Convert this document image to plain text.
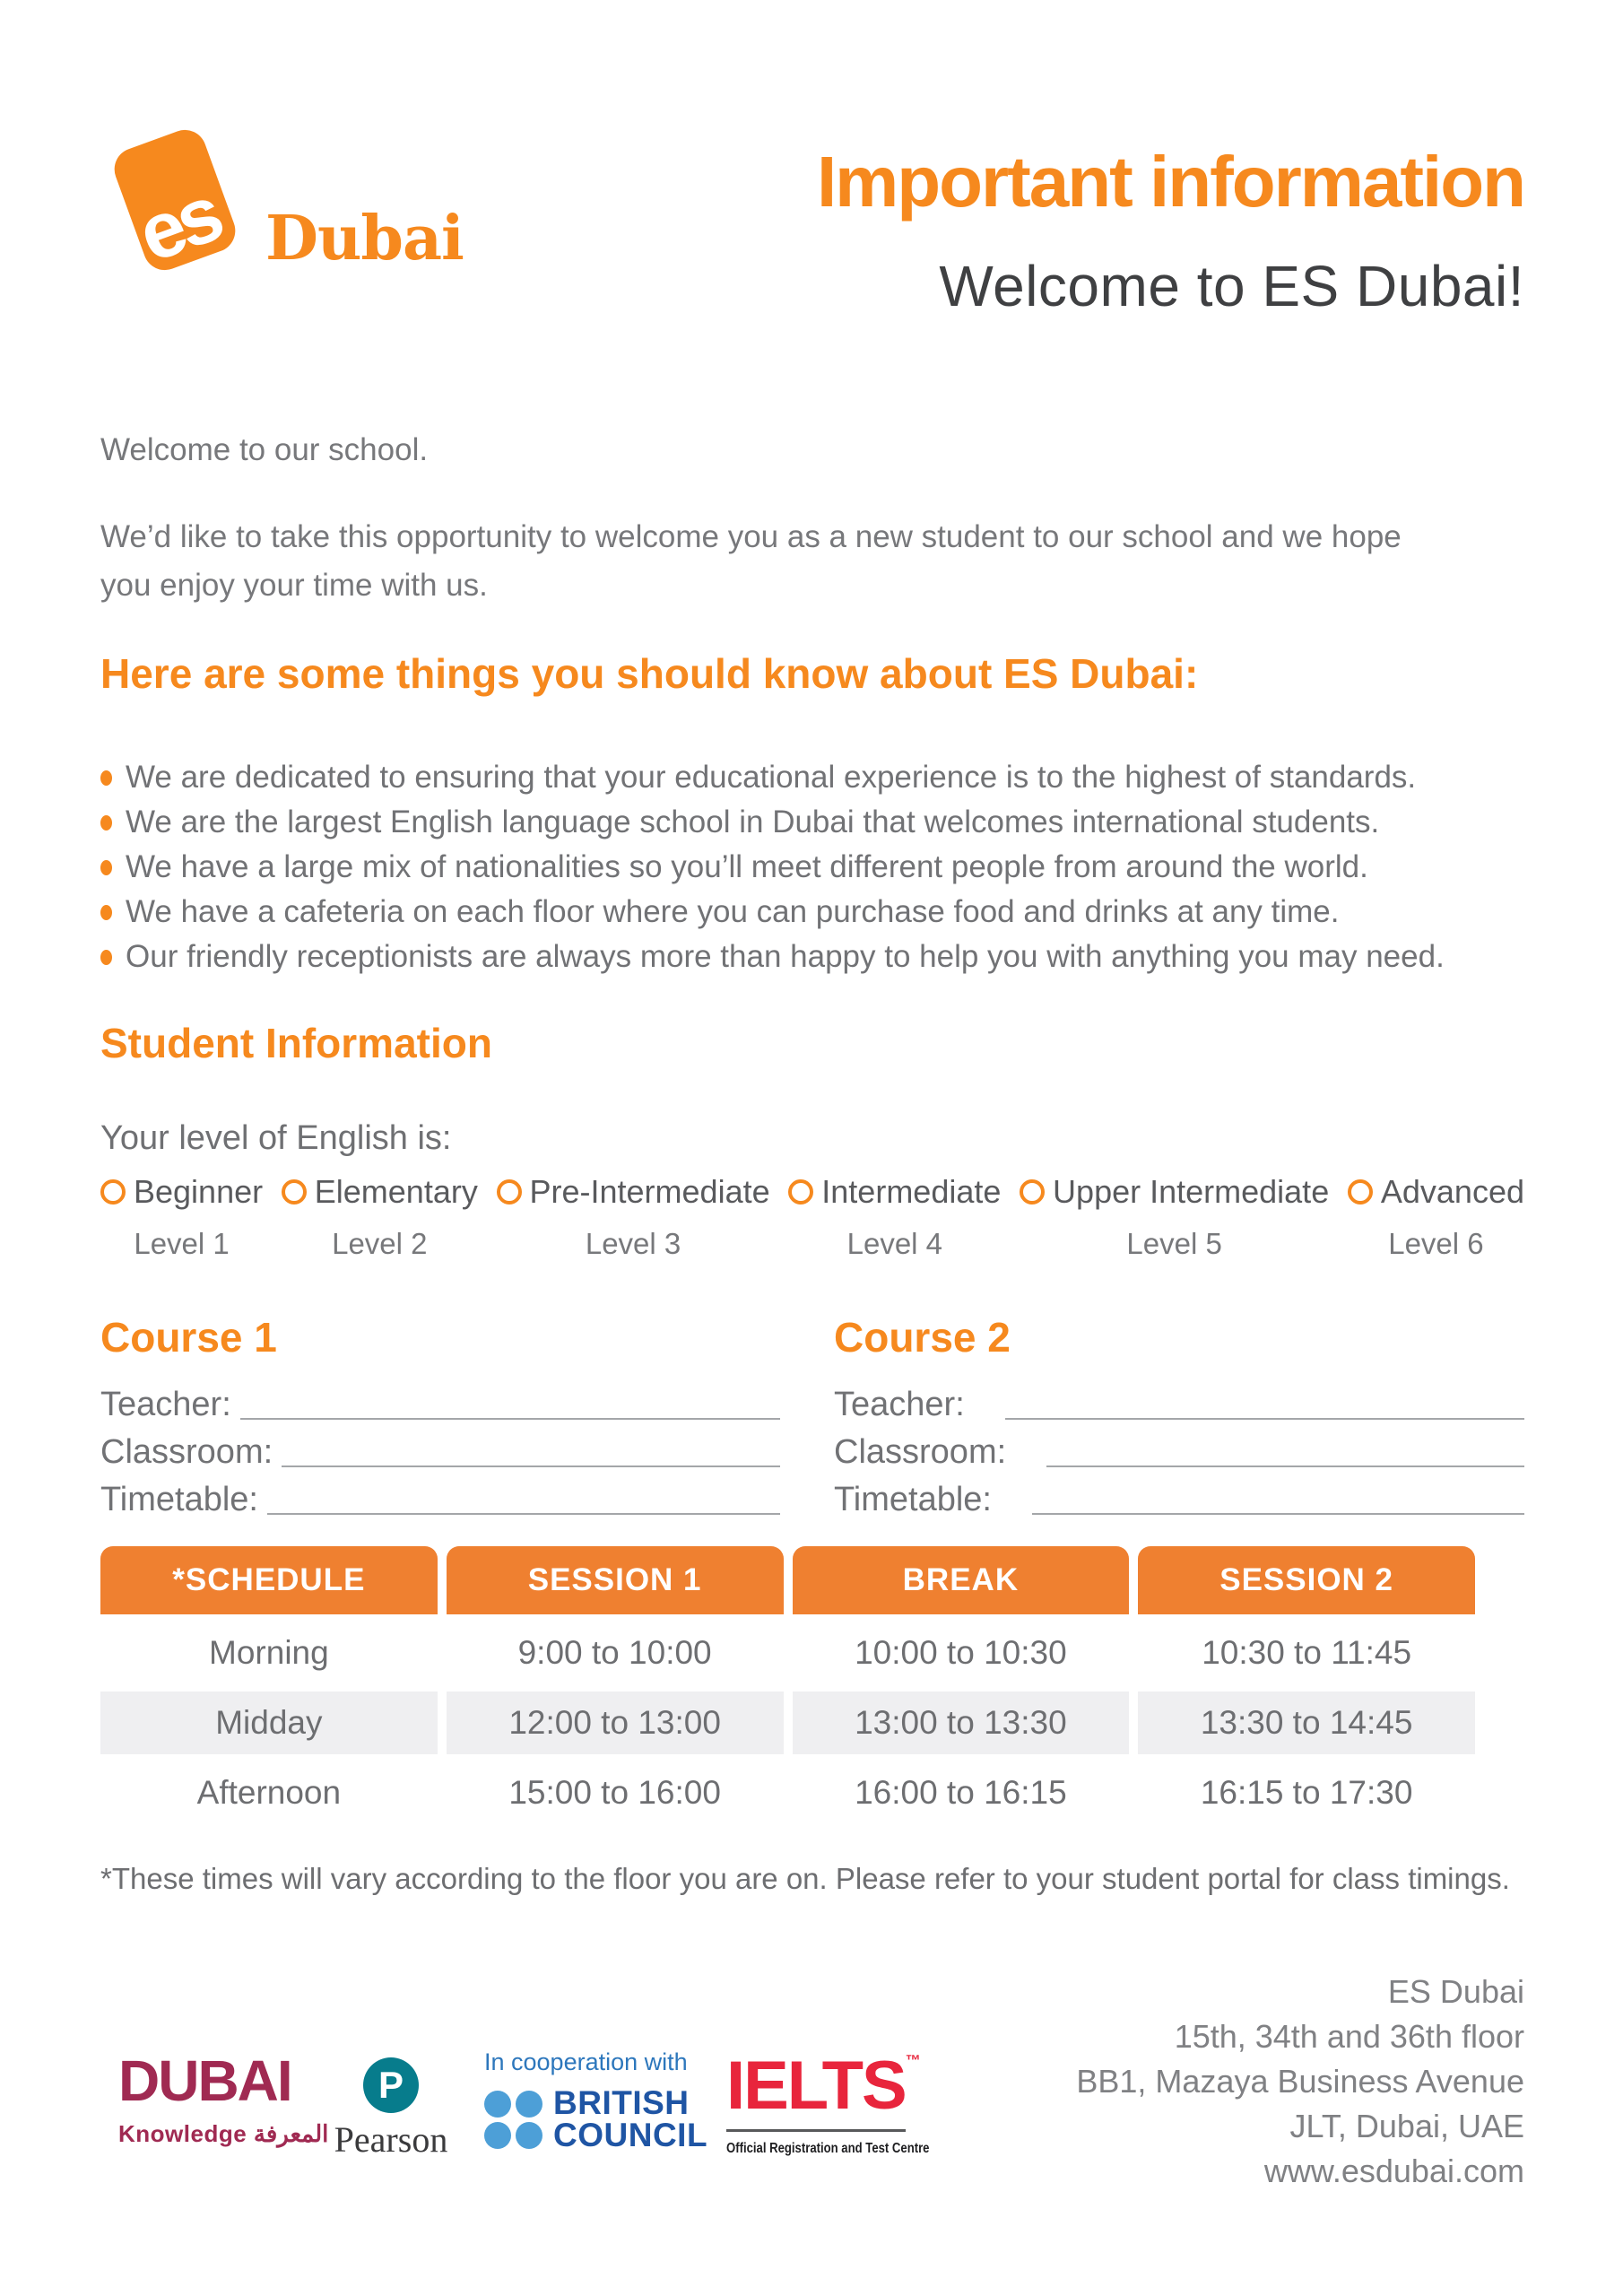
es Dubai
Important information
Welcome to ES Dubai!
Welcome to our school.
We’d like to take this opportunity to welcome you as a new student to our school and we hope
you enjoy your time with us.
Here are some things you should know about ES Dubai:
We are dedicated to ensuring that your educational experience is to the highest of standards.
We are the largest English language school in Dubai that welcomes international students.
We have a large mix of nationalities so you’ll meet different people from around the world.
We have a cafeteria on each floor where you can purchase food and drinks at any time.
Our friendly receptionists are always more than happy to help you with anything you may need.
Student Information
Your level of English is:
Beginner
Level 1
Elementary
Level 2
Pre-Intermediate
Level 3
Intermediate
Level 4
Upper Intermediate
Level 5
Advanced
Level 6
Course 1
Teacher:
Classroom:
Timetable:
Course 2
Teacher:
Classroom:
Timetable:
*SCHEDULE	SESSION 1	BREAK	SESSION 2
Morning	9:00 to 10:00	10:00 to 10:30	10:30 to 11:45
Midday	12:00 to 13:00	13:00 to 13:30	13:30 to 14:45
Afternoon	15:00 to 16:00	16:00 to 16:15	16:15 to 17:30
*These times will vary according to the floor you are on. Please refer to your student portal for class timings.
DUBAI
Knowledge المعرفة
P
Pearson
In cooperation with
BRITISH
COUNCIL
IELTS™
Official Registration and Test Centre
ES Dubai
15th, 34th and 36th floor
BB1, Mazaya Business Avenue
JLT, Dubai, UAE
www.esdubai.com
